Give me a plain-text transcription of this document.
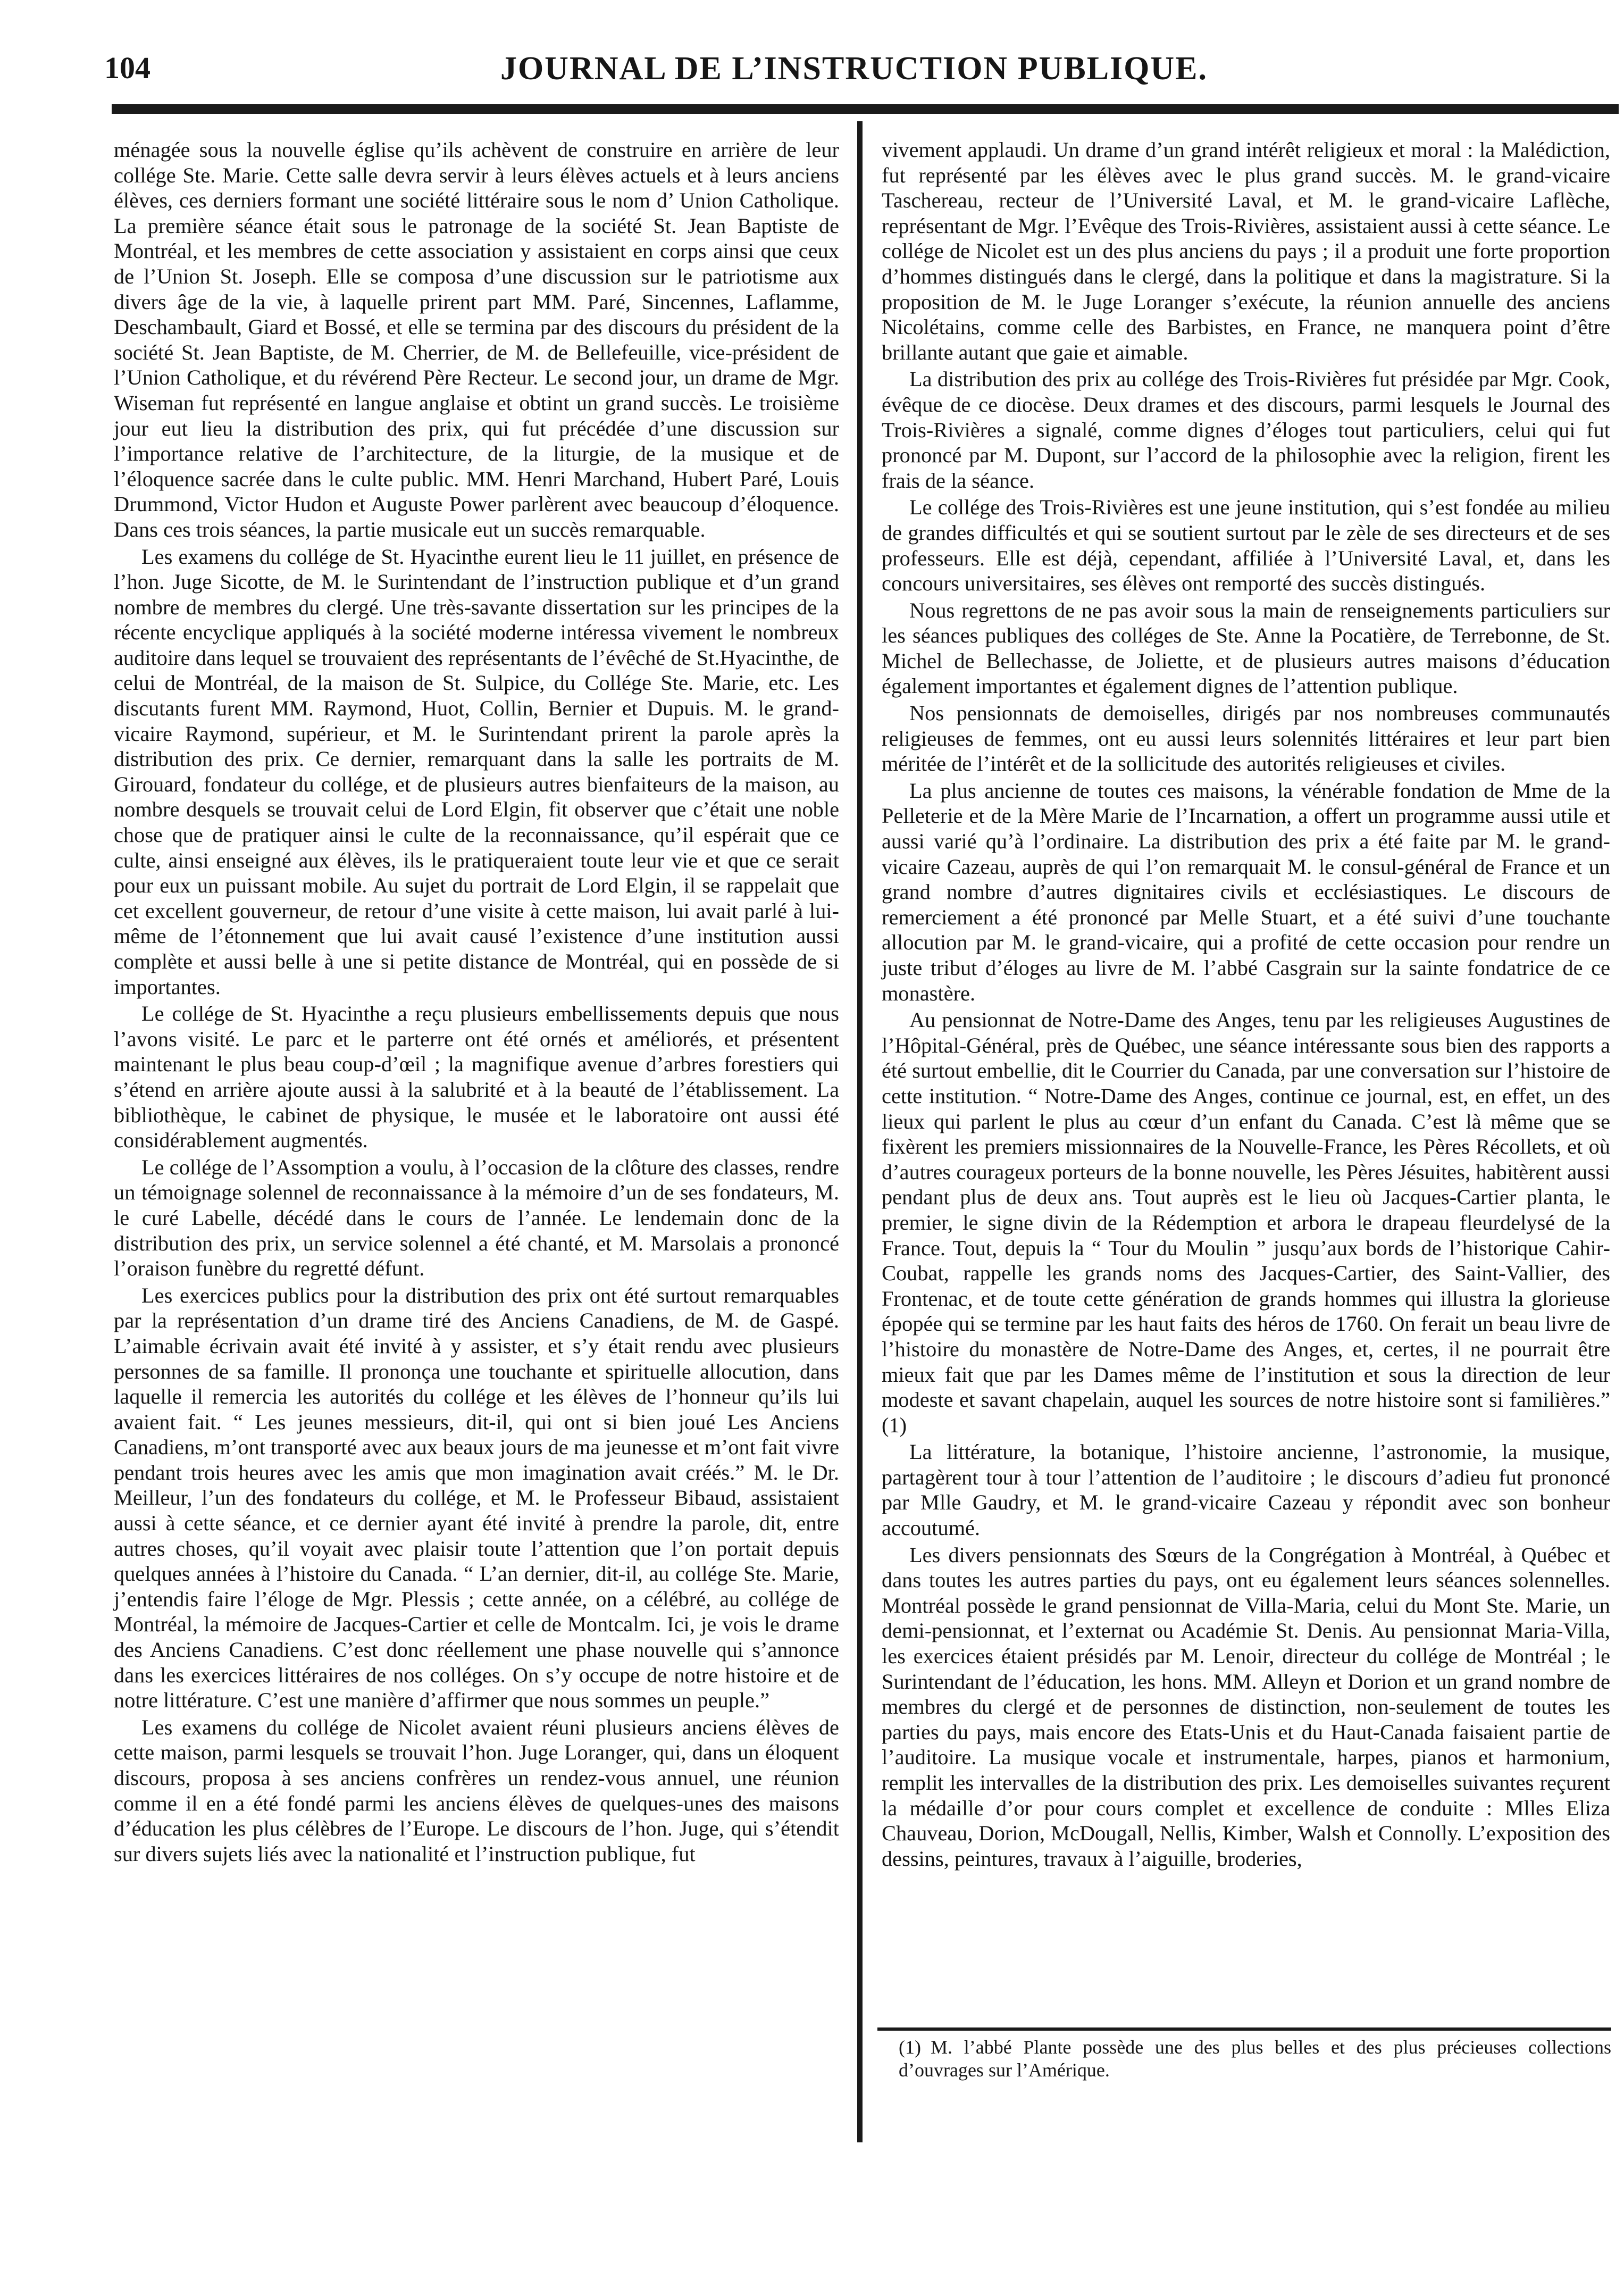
104	JOURNAL DE L’INSTRUCTION PUBLIQUE.

ménagée sous la nouvelle église qu’ils achèvent de construire en arrière de leur collége Ste. Marie. Cette salle devra servir à leurs élèves actuels et à leurs anciens élèves, ces derniers formant une société littéraire sous le nom d’ Union Catholique. La première séance était sous le patronage de la société St. Jean Baptiste de Montréal, et les membres de cette association y assistaient en corps ainsi que ceux de l’Union St. Joseph. Elle se composa d’une discussion sur le patriotisme aux divers âge de la vie, à laquelle prirent part MM. Paré, Sincennes, Laflamme, Deschambault, Giard et Bossé, et elle se termina par des discours du président de la société St. Jean Baptiste, de M. Cherrier, de M. de Bellefeuille, vice-président de l’Union Catholique, et du révérend Père Recteur. Le second jour, un drame de Mgr. Wiseman fut représenté en langue anglaise et obtint un grand succès. Le troisième jour eut lieu la distribution des prix, qui fut précédée d’une discussion sur l’importance relative de l’architecture, de la liturgie, de la musique et de l’éloquence sacrée dans le culte public. MM. Henri Marchand, Hubert Paré, Louis Drummond, Victor Hudon et Auguste Power parlèrent avec beaucoup d’éloquence. Dans ces trois séances, la partie musicale eut un succès remarquable.

Les examens du collége de St. Hyacinthe eurent lieu le 11 juillet, en présence de l’hon. Juge Sicotte, de M. le Surintendant de l’instruction publique et d’un grand nombre de membres du clergé. Une très-savante dissertation sur les principes de la récente encyclique appliqués à la société moderne intéressa vivement le nombreux auditoire dans lequel se trouvaient des représentants de l’évêché de St.Hyacinthe, de celui de Montréal, de la maison de St. Sulpice, du Collége Ste. Marie, etc. Les discutants furent MM. Raymond, Huot, Collin, Bernier et Dupuis. M. le grand-vicaire Raymond, supérieur, et M. le Surintendant prirent la parole après la distribution des prix. Ce dernier, remarquant dans la salle les portraits de M. Girouard, fondateur du collége, et de plusieurs autres bienfaiteurs de la maison, au nombre desquels se trouvait celui de Lord Elgin, fit observer que c’était une noble chose que de pratiquer ainsi le culte de la reconnaissance, qu’il espérait que ce culte, ainsi enseigné aux élèves, ils le pratiqueraient toute leur vie et que ce serait pour eux un puissant mobile. Au sujet du portrait de Lord Elgin, il se rappelait que cet excellent gouverneur, de retour d’une visite à cette maison, lui avait parlé à lui-même de l’étonnement que lui avait causé l’existence d’une institution aussi complète et aussi belle à une si petite distance de Montréal, qui en possède de si importantes.

Le collége de St. Hyacinthe a reçu plusieurs embellissements depuis que nous l’avons visité. Le parc et le parterre ont été ornés et améliorés, et présentent maintenant le plus beau coup-d’œil ; la magnifique avenue d’arbres forestiers qui s’étend en arrière ajoute aussi à la salubrité et à la beauté de l’établissement. La bibliothèque, le cabinet de physique, le musée et le laboratoire ont aussi été considérablement augmentés.

Le collége de l’Assomption a voulu, à l’occasion de la clôture des classes, rendre un témoignage solennel de reconnaissance à la mémoire d’un de ses fondateurs, M. le curé Labelle, décédé dans le cours de l’année. Le lendemain donc de la distribution des prix, un service solennel a été chanté, et M. Marsolais a prononcé l’oraison funèbre du regretté défunt.

Les exercices publics pour la distribution des prix ont été surtout remarquables par la représentation d’un drame tiré des Anciens Canadiens, de M. de Gaspé. L’aimable écrivain avait été invité à y assister, et s’y était rendu avec plusieurs personnes de sa famille. Il prononça une touchante et spirituelle allocution, dans laquelle il remercia les autorités du collége et les élèves de l’honneur qu’ils lui avaient fait. “ Les jeunes messieurs, dit-il, qui ont si bien joué Les Anciens Canadiens, m’ont transporté avec aux beaux jours de ma jeunesse et m’ont fait vivre pendant trois heures avec les amis que mon imagination avait créés.” M. le Dr. Meilleur, l’un des fondateurs du collége, et M. le Professeur Bibaud, assistaient aussi à cette séance, et ce dernier ayant été invité à prendre la parole, dit, entre autres choses, qu’il voyait avec plaisir toute l’attention que l’on portait depuis quelques années à l’histoire du Canada. “ L’an dernier, dit-il, au collége Ste. Marie, j’entendis faire l’éloge de Mgr. Plessis ; cette année, on a célébré, au collége de Montréal, la mémoire de Jacques-Cartier et celle de Montcalm. Ici, je vois le drame des Anciens Canadiens. C’est donc réellement une phase nouvelle qui s’annonce dans les exercices littéraires de nos colléges. On s’y occupe de notre histoire et de notre littérature. C’est une manière d’affirmer que nous sommes un peuple.”

Les examens du collége de Nicolet avaient réuni plusieurs anciens élèves de cette maison, parmi lesquels se trouvait l’hon. Juge Loranger, qui, dans un éloquent discours, proposa à ses anciens confrères un rendez-vous annuel, une réunion comme il en a été fondé parmi les anciens élèves de quelques-unes des maisons d’éducation les plus célèbres de l’Europe. Le discours de l’hon. Juge, qui s’étendit sur divers sujets liés avec la nationalité et l’instruction publique, fut

vivement applaudi. Un drame d’un grand intérêt religieux et moral : la Malédiction, fut représenté par les élèves avec le plus grand succès. M. le grand-vicaire Taschereau, recteur de l’Université Laval, et M. le grand-vicaire Laflèche, représentant de Mgr. l’Evêque des Trois-Rivières, assistaient aussi à cette séance. Le collége de Nicolet est un des plus anciens du pays ; il a produit une forte proportion d’hommes distingués dans le clergé, dans la politique et dans la magistrature. Si la proposition de M. le Juge Loranger s’exécute, la réunion annuelle des anciens Nicolétains, comme celle des Barbistes, en France, ne manquera point d’être brillante autant que gaie et aimable.

La distribution des prix au collége des Trois-Rivières fut présidée par Mgr. Cook, évêque de ce diocèse. Deux drames et des discours, parmi lesquels le Journal des Trois-Rivières a signalé, comme dignes d’éloges tout particuliers, celui qui fut prononcé par M. Dupont, sur l’accord de la philosophie avec la religion, firent les frais de la séance.

Le collége des Trois-Rivières est une jeune institution, qui s’est fondée au milieu de grandes difficultés et qui se soutient surtout par le zèle de ses directeurs et de ses professeurs. Elle est déjà, cependant, affiliée à l’Université Laval, et, dans les concours universitaires, ses élèves ont remporté des succès distingués.

Nous regrettons de ne pas avoir sous la main de renseignements particuliers sur les séances publiques des colléges de Ste. Anne la Pocatière, de Terrebonne, de St. Michel de Bellechasse, de Joliette, et de plusieurs autres maisons d’éducation également importantes et également dignes de l’attention publique.

Nos pensionnats de demoiselles, dirigés par nos nombreuses communautés religieuses de femmes, ont eu aussi leurs solennités littéraires et leur part bien méritée de l’intérêt et de la sollicitude des autorités religieuses et civiles.

La plus ancienne de toutes ces maisons, la vénérable fondation de Mme de la Pelleterie et de la Mère Marie de l’Incarnation, a offert un programme aussi utile et aussi varié qu’à l’ordinaire. La distribution des prix a été faite par M. le grand-vicaire Cazeau, auprès de qui l’on remarquait M. le consul-général de France et un grand nombre d’autres dignitaires civils et ecclésiastiques. Le discours de remerciement a été prononcé par Melle Stuart, et a été suivi d’une touchante allocution par M. le grand-vicaire, qui a profité de cette occasion pour rendre un juste tribut d’éloges au livre de M. l’abbé Casgrain sur la sainte fondatrice de ce monastère.

Au pensionnat de Notre-Dame des Anges, tenu par les religieuses Augustines de l’Hôpital-Général, près de Québec, une séance intéressante sous bien des rapports a été surtout embellie, dit le Courrier du Canada, par une conversation sur l’histoire de cette institution. “ Notre-Dame des Anges, continue ce journal, est, en effet, un des lieux qui parlent le plus au cœur d’un enfant du Canada. C’est là même que se fixèrent les premiers missionnaires de la Nouvelle-France, les Pères Récollets, et où d’autres courageux porteurs de la bonne nouvelle, les Pères Jésuites, habitèrent aussi pendant plus de deux ans. Tout auprès est le lieu où Jacques-Cartier planta, le premier, le signe divin de la Rédemption et arbora le drapeau fleurdelysé de la France. Tout, depuis la “ Tour du Moulin ” jusqu’aux bords de l’historique Cahir-Coubat, rappelle les grands noms des Jacques-Cartier, des Saint-Vallier, des Frontenac, et de toute cette génération de grands hommes qui illustra la glorieuse épopée qui se termine par les haut faits des héros de 1760. On ferait un beau livre de l’histoire du monastère de Notre-Dame des Anges, et, certes, il ne pourrait être mieux fait que par les Dames même de l’institution et sous la direction de leur modeste et savant chapelain, auquel les sources de notre histoire sont si familières.” (1)

La littérature, la botanique, l’histoire ancienne, l’astronomie, la musique, partagèrent tour à tour l’attention de l’auditoire ; le discours d’adieu fut prononcé par Mlle Gaudry, et M. le grand-vicaire Cazeau y répondit avec son bonheur accoutumé.

Les divers pensionnats des Sœurs de la Congrégation à Montréal, à Québec et dans toutes les autres parties du pays, ont eu également leurs séances solennelles. Montréal possède le grand pensionnat de Villa-Maria, celui du Mont Ste. Marie, un demi-pensionnat, et l’externat ou Académie St. Denis. Au pensionnat Maria-Villa, les exercices étaient présidés par M. Lenoir, directeur du collége de Montréal ; le Surintendant de l’éducation, les hons. MM. Alleyn et Dorion et un grand nombre de membres du clergé et de personnes de distinction, non-seulement de toutes les parties du pays, mais encore des Etats-Unis et du Haut-Canada faisaient partie de l’auditoire. La musique vocale et instrumentale, harpes, pianos et harmonium, remplit les intervalles de la distribution des prix. Les demoiselles suivantes reçurent la médaille d’or pour cours complet et excellence de conduite : Mlles Eliza Chauveau, Dorion, McDougall, Nellis, Kimber, Walsh et Connolly. L’exposition des dessins, peintures, travaux à l’aiguille, broderies,

(1) M. l’abbé Plante possède une des plus belles et des plus précieuses collections d’ouvrages sur l’Amérique.
